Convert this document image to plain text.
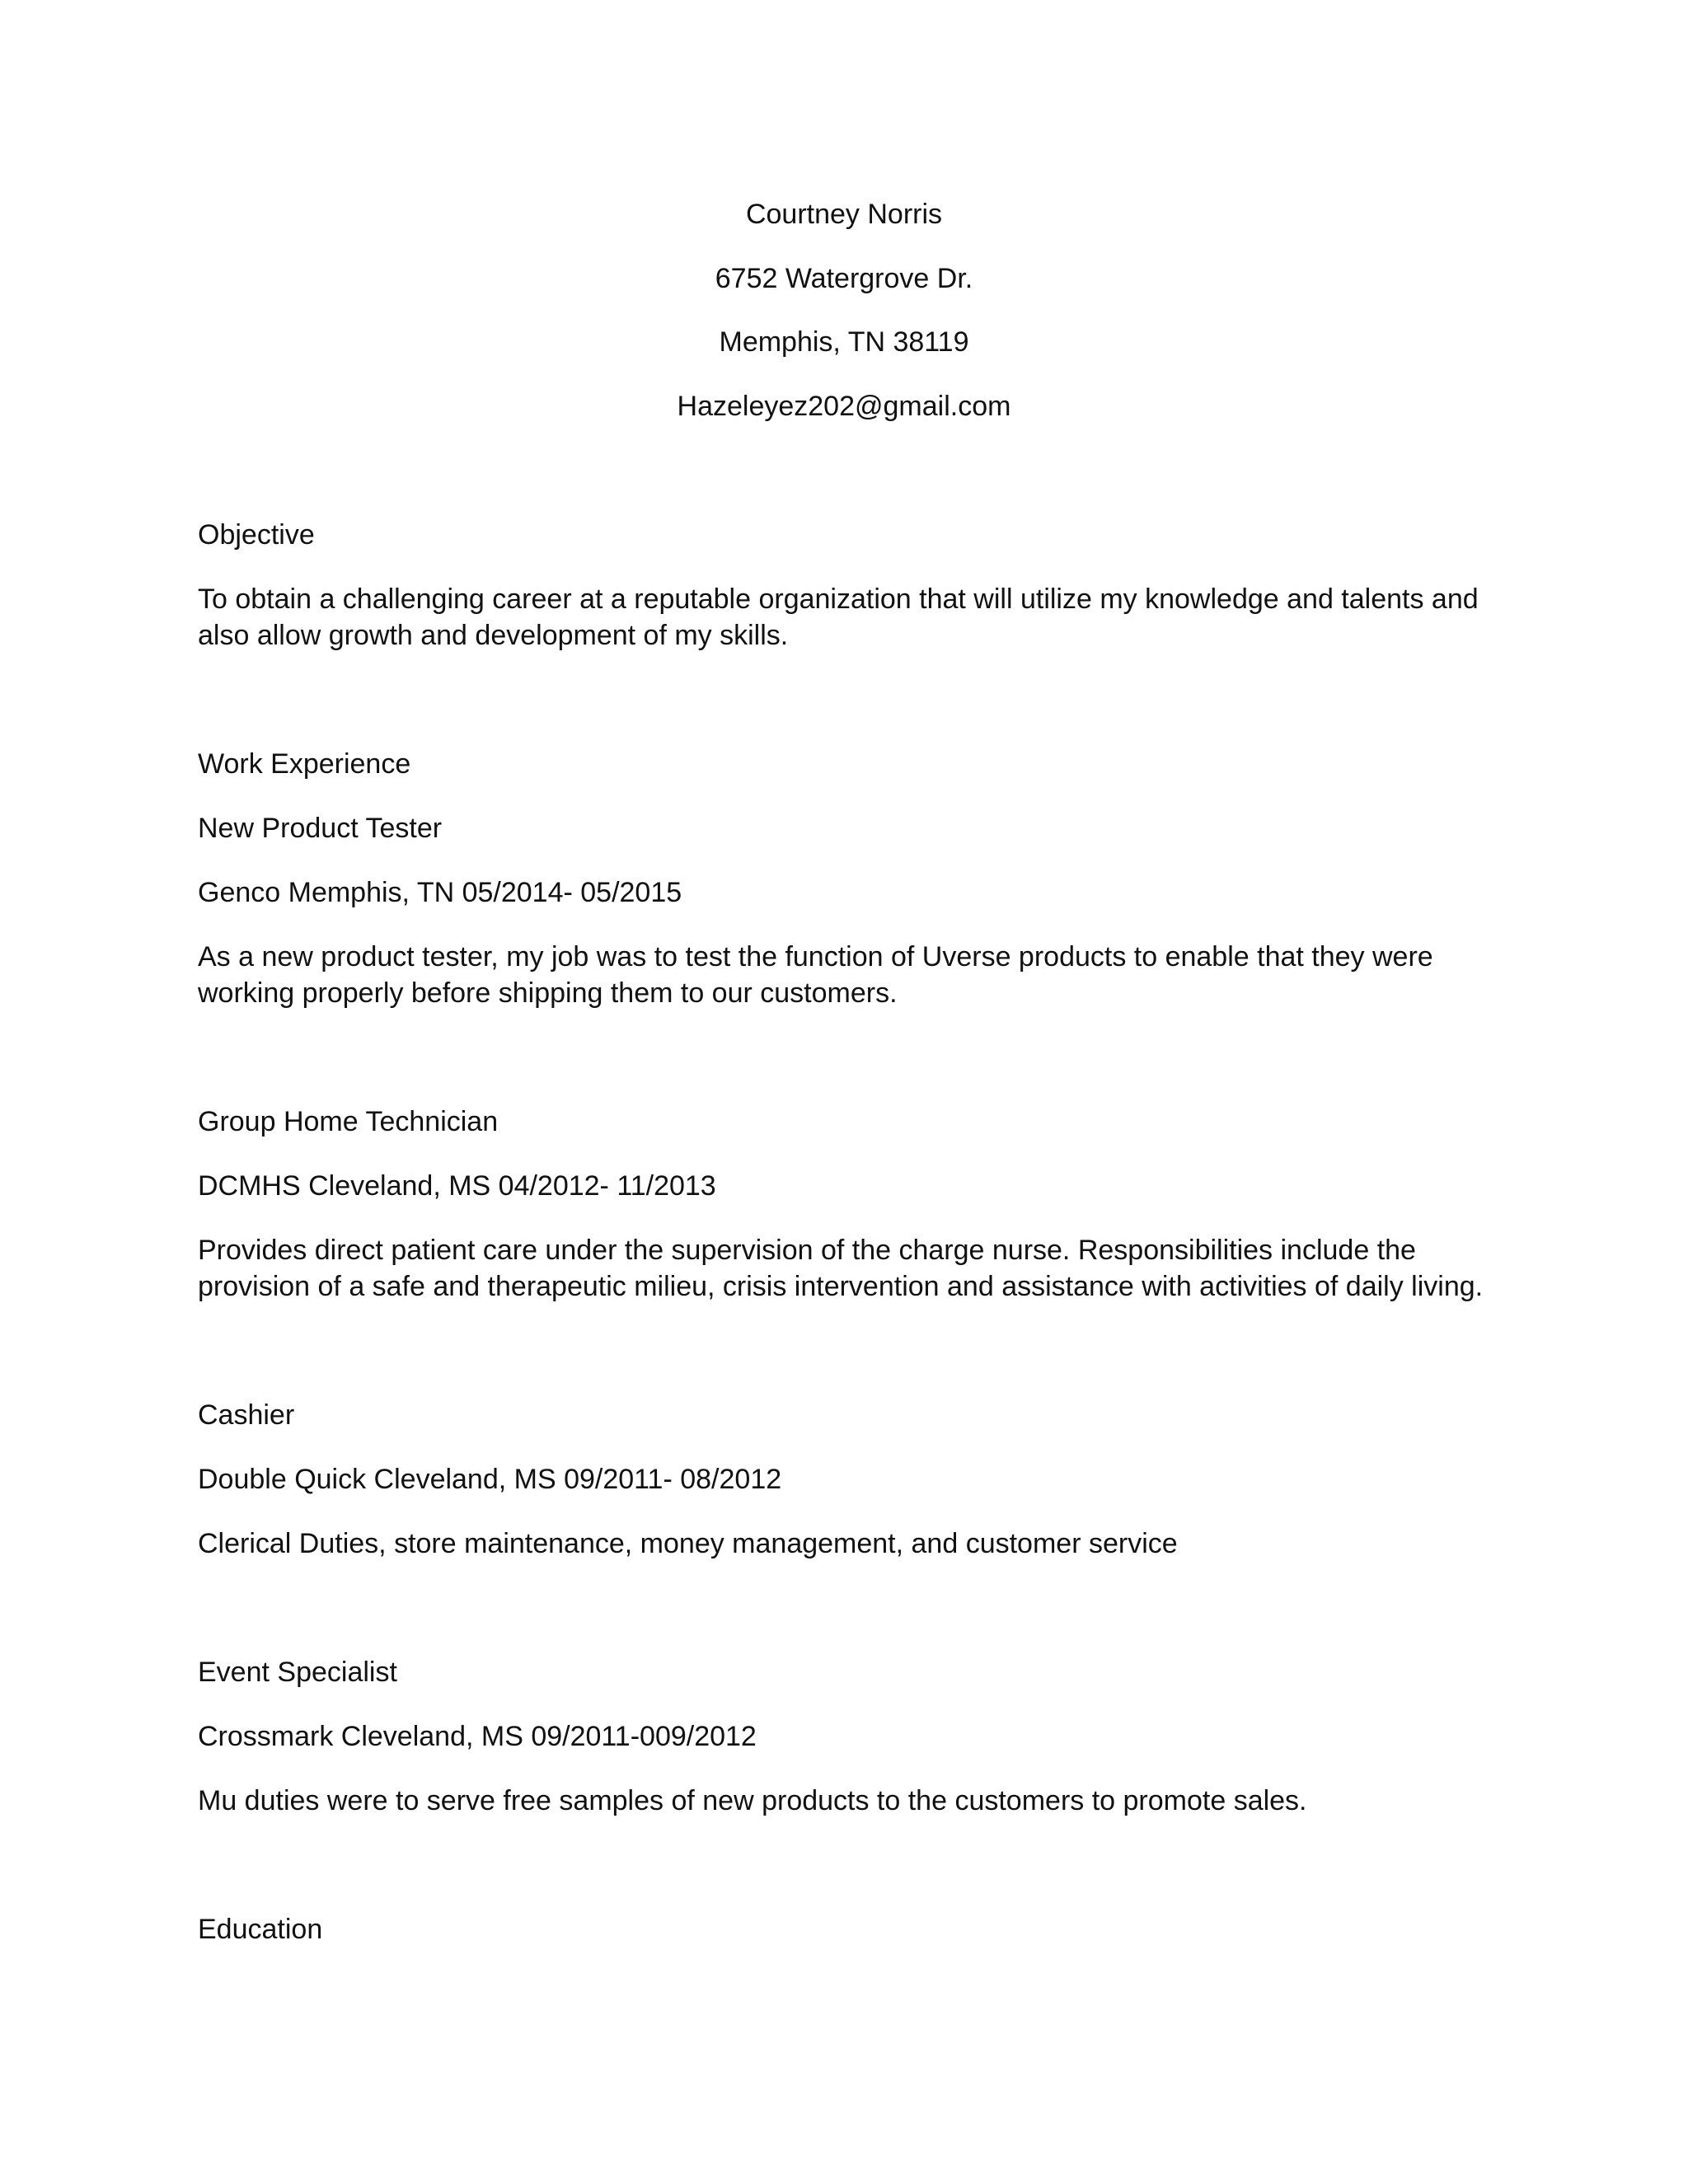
Courtney Norris
6752 Watergrove Dr.
Memphis, TN 38119
Hazeleyez202@gmail.com
Objective
To obtain a challenging career at a reputable organization that will utilize my knowledge and talents and
also allow growth and development of my skills.
Work Experience
New Product Tester
Genco Memphis, TN 05/2014- 05/2015
As a new product tester, my job was to test the function of Uverse products to enable that they were
working properly before shipping them to our customers.
Group Home Technician
DCMHS Cleveland, MS 04/2012- 11/2013
Provides direct patient care under the supervision of the charge nurse. Responsibilities include the
provision of a safe and therapeutic milieu, crisis intervention and assistance with activities of daily living.
Cashier
Double Quick Cleveland, MS 09/2011- 08/2012
Clerical Duties, store maintenance, money management, and customer service
Event Specialist
Crossmark Cleveland, MS 09/2011-009/2012
Mu duties were to serve free samples of new products to the customers to promote sales.
Education
